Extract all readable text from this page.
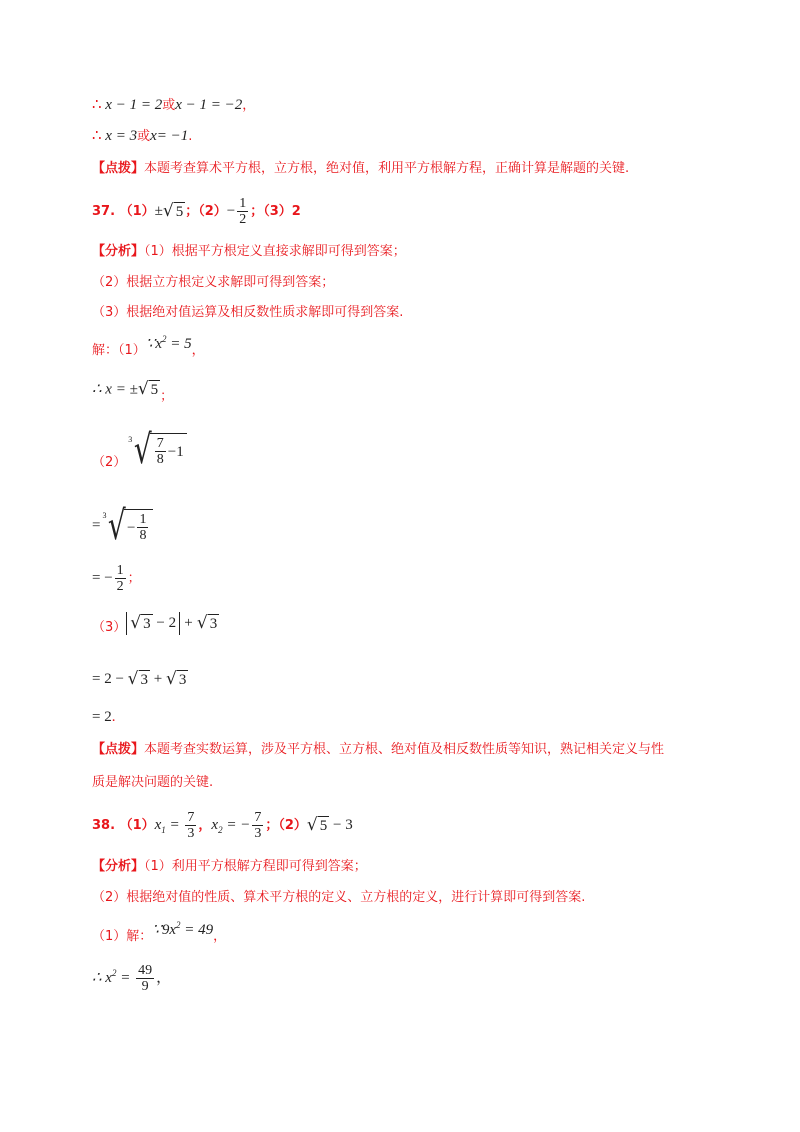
∴ x − 1 = 2或x − 1 = −2，
∴ x = 3或x= −1.
【点拨】本题考查算术平方根，立方根，绝对值，利用平方根解方程，正确计算是解题的关键.
37. （1）±√ 5 ；$(2)- \frac{1}{2}$ ；（3）2
【分析】（1）根据平方根定义直接求解即可得到答案；
（2）根据立方根定义求解即可得到答案；
（3）根据绝对值运算及相反数性质求解即可得到答案.
解：$(1)\because x^2 = 5$，
∴ x = ±√ 5 ；
（2）
3 √ $\frac{7}{8} -1$
=
3 √ − $\frac{1}{8}$
= − $\frac{1}{2}$ ；
（3） √ 3 − 2 + √ 3
= 2 − √ 3 + √ 3
= 2.
【点拨】本题考查实数运算，涉及平方根、立方根、绝对值及相反数性质等知识，熟记相关定义与性
质是解决问题的关键.
38. $(1)x_1 = \frac{7}{3}$ ，$x_2$ = − $\frac{7}{3}$ ；（2）√ 5 − 3
【分析】（1）利用平方根解方程即可得到答案；
（2）根据绝对值的性质、算术平方根的定义、立方根的定义，进行计算即可得到答案.
（1）解：$\because 9x^2 = 49$，
∴ $x^2 = \frac{49}{9}$ ，
